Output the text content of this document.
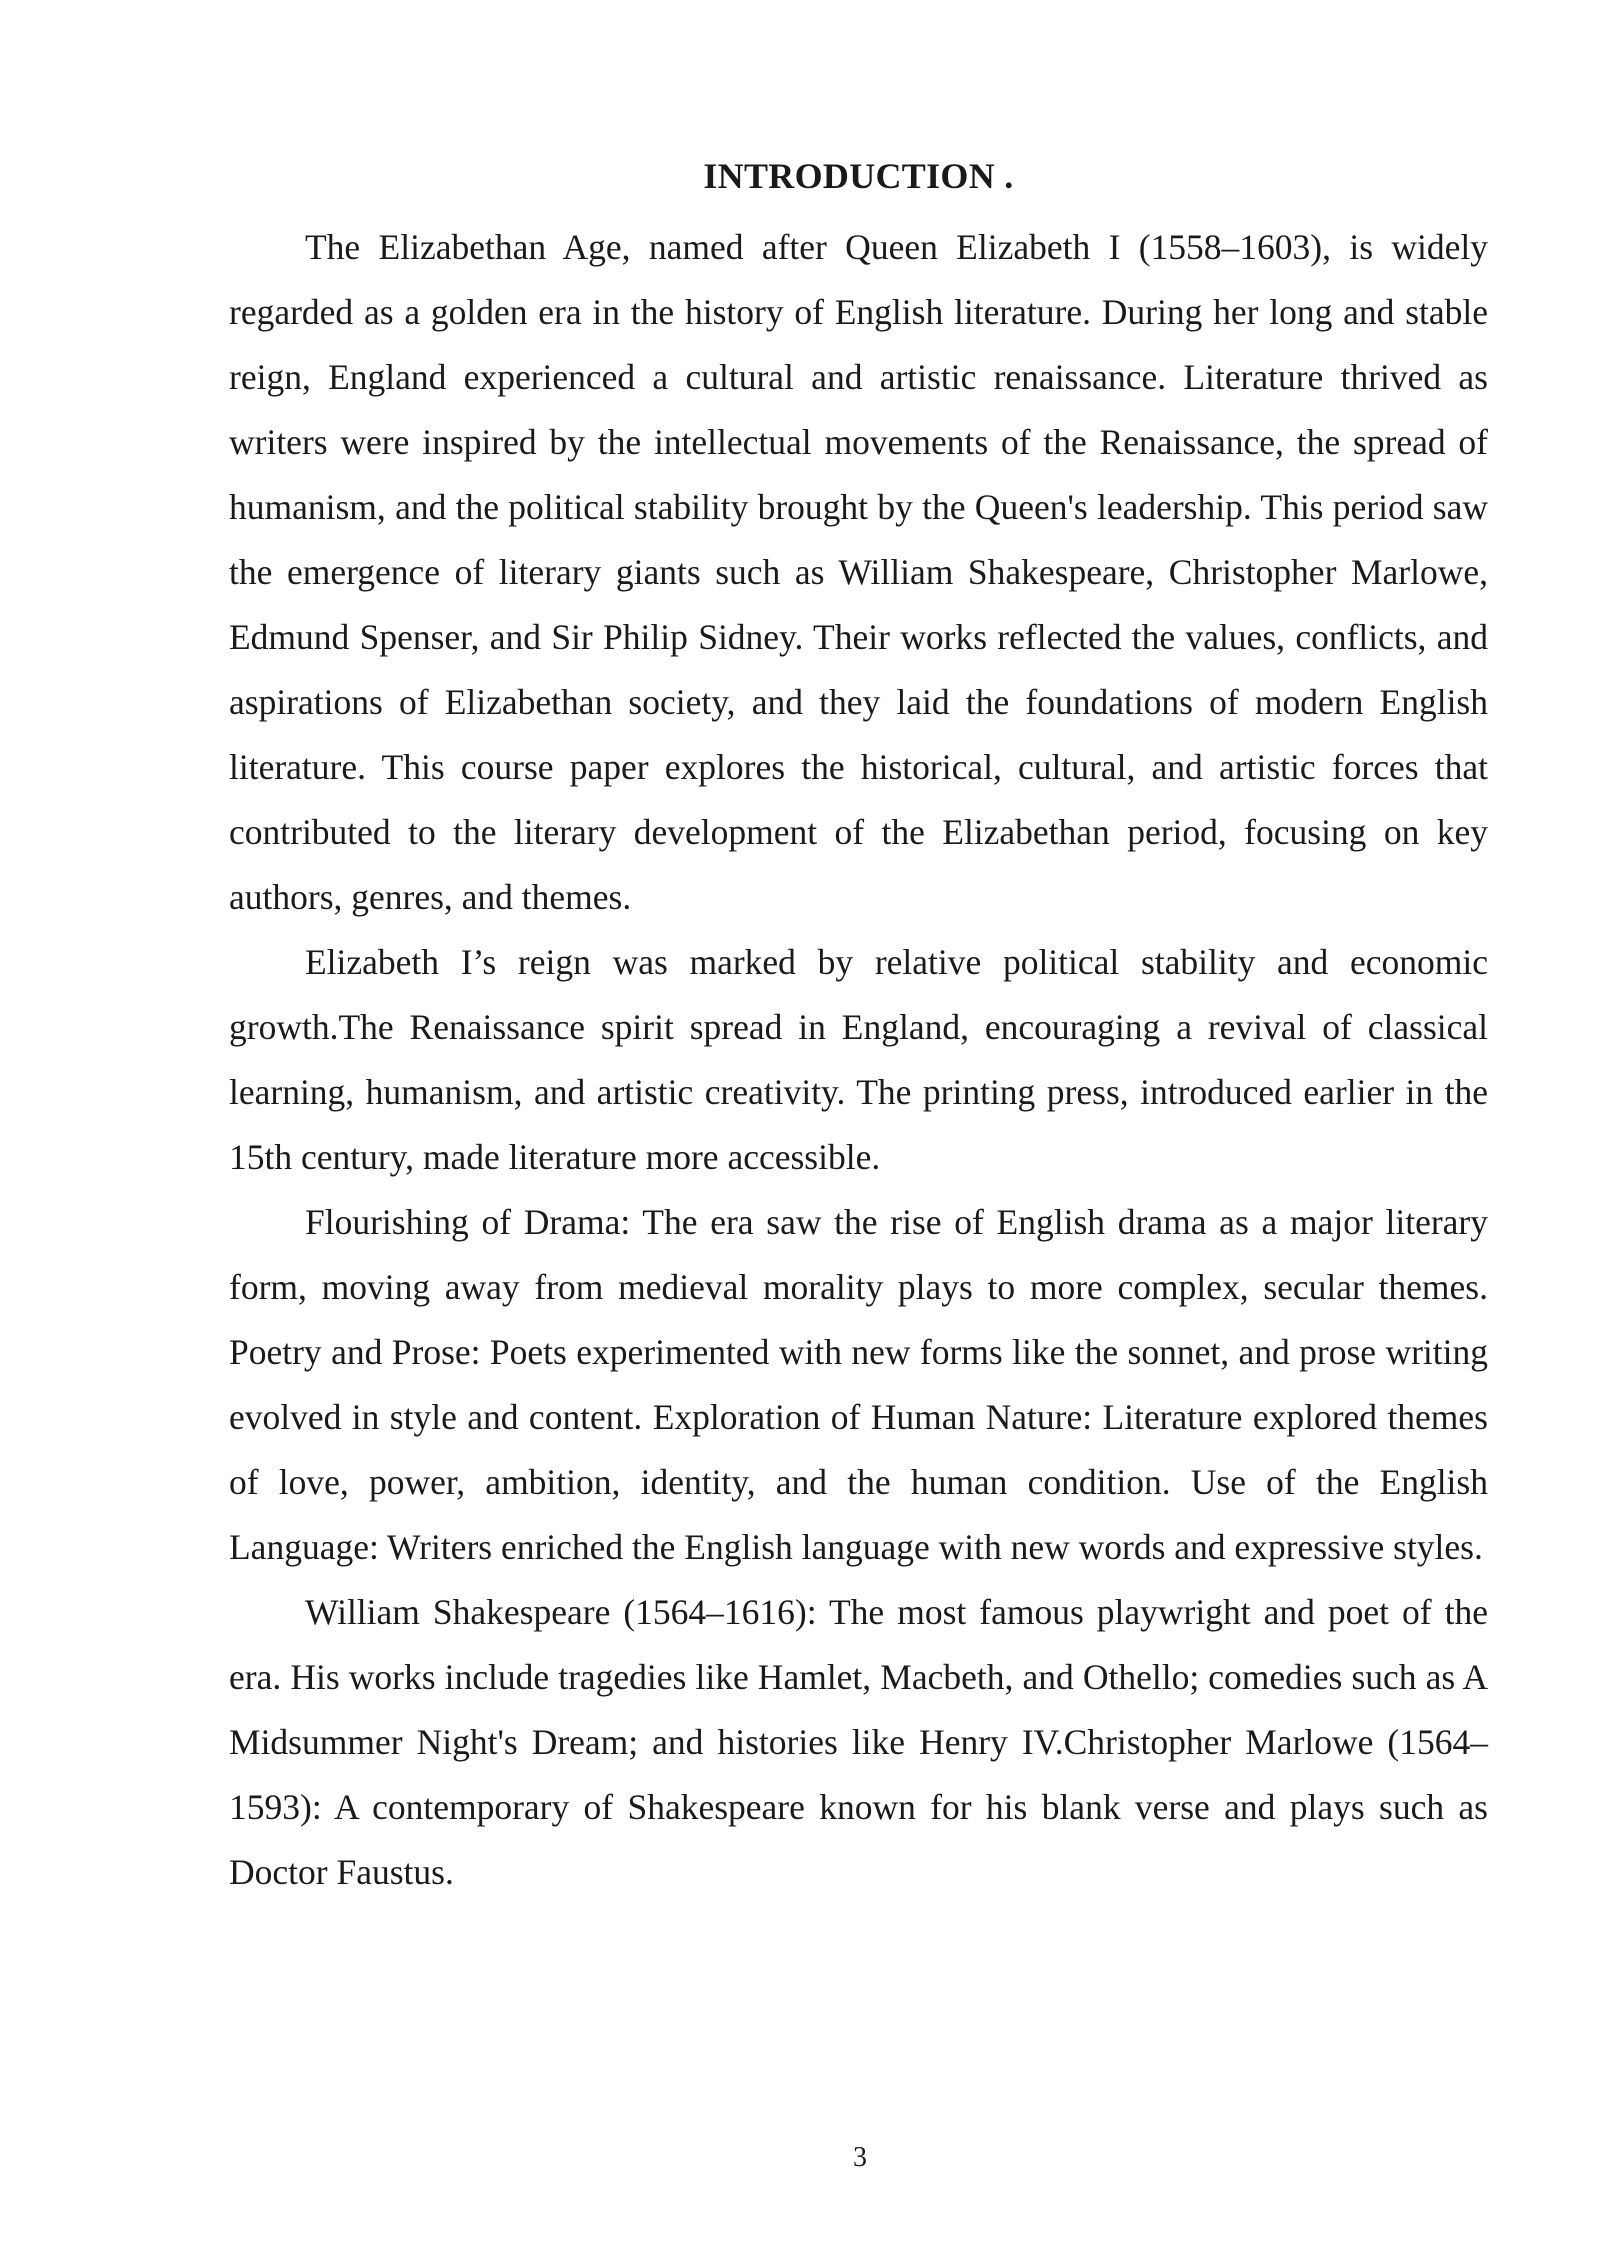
INTRODUCTION .

The Elizabethan Age, named after Queen Elizabeth I (1558–1603), is widely regarded as a golden era in the history of English literature. During her long and stable reign, England experienced a cultural and artistic renaissance. Literature thrived as writers were inspired by the intellectual movements of the Renaissance, the spread of humanism, and the political stability brought by the Queen's leadership. This period saw the emergence of literary giants such as William Shakespeare, Christopher Marlowe, Edmund Spenser, and Sir Philip Sidney. Their works reflected the values, conflicts, and aspirations of Elizabethan society, and they laid the foundations of modern English literature. This course paper explores the historical, cultural, and artistic forces that contributed to the literary development of the Elizabethan period, focusing on key authors, genres, and themes.

Elizabeth I’s reign was marked by relative political stability and economic growth.The Renaissance spirit spread in England, encouraging a revival of classical learning, humanism, and artistic creativity. The printing press, introduced earlier in the 15th century, made literature more accessible.

Flourishing of Drama: The era saw the rise of English drama as a major literary form, moving away from medieval morality plays to more complex, secular themes. Poetry and Prose: Poets experimented with new forms like the sonnet, and prose writing evolved in style and content. Exploration of Human Nature: Literature explored themes of love, power, ambition, identity, and the human condition. Use of the English Language: Writers enriched the English language with new words and expressive styles.

William Shakespeare (1564–1616): The most famous playwright and poet of the era. His works include tragedies like Hamlet, Macbeth, and Othello; comedies such as A Midsummer Night's Dream; and histories like Henry IV.Christopher Marlowe (1564–1593): A contemporary of Shakespeare known for his blank verse and plays such as Doctor Faustus.

3
